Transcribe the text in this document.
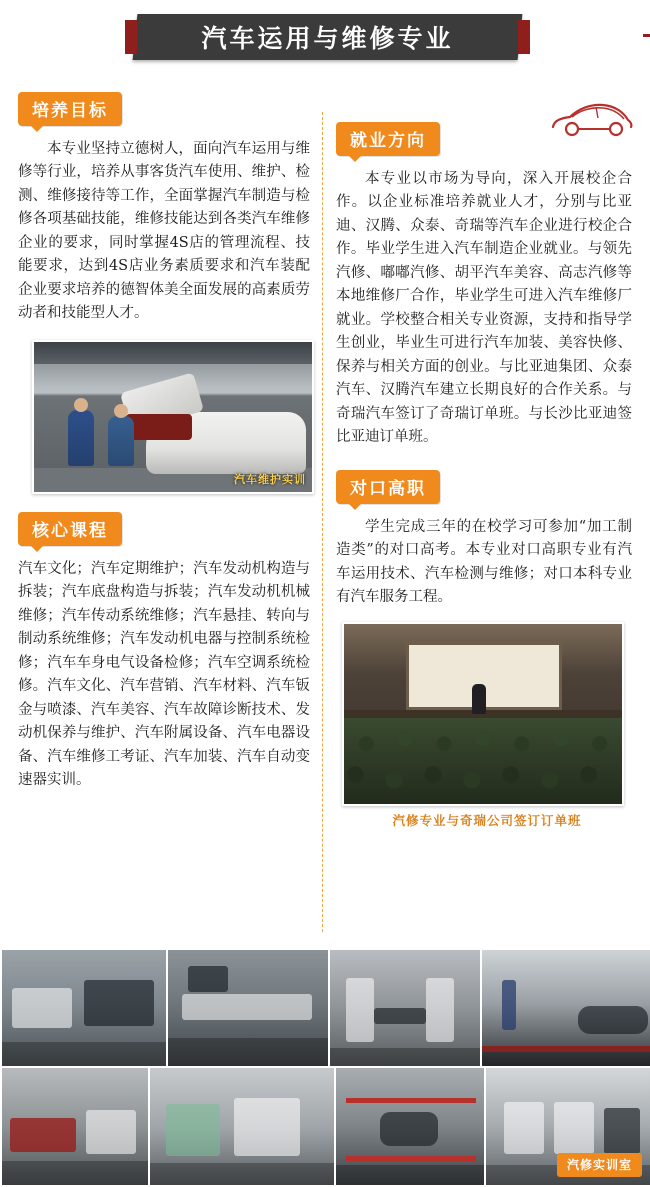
汽车运用与维修专业
培养目标

本专业坚持立德树人，面向汽车运用与维修等行业，培养从事客货汽车使用、维护、检测、维修接待等工作，全面掌握汽车制造与检修各项基础技能，维修技能达到各类汽车维修企业的要求，同时掌握4S店的管理流程、技能要求，达到4S店业务素质要求和汽车装配企业要求培养的德智体美全面发展的高素质劳动者和技能型人才。

汽车维护实训
核心课程

汽车文化；汽车定期维护；汽车发动机构造与拆装；汽车底盘构造与拆装；汽车发动机机械维修；汽车传动系统维修；汽车悬挂、转向与制动系统维修；汽车发动机电器与控制系统检修；汽车车身电气设备检修；汽车空调系统检修。汽车文化、汽车营销、汽车材料、汽车钣金与喷漆、汽车美容、汽车故障诊断技术、发动机保养与维护、汽车附属设备、汽车电器设备、汽车维修工考证、汽车加装、汽车自动变速器实训。

就业方向

本专业以市场为导向，深入开展校企合作。以企业标准培养就业人才，分别与比亚迪、汉腾、众泰、奇瑞等汽车企业进行校企合作。毕业学生进入汽车制造企业就业。与领先汽修、嘟嘟汽修、胡平汽车美容、高志汽修等本地维修厂合作，毕业学生可进入汽车维修厂就业。学校整合相关专业资源，支持和指导学生创业，毕业生可进行汽车加装、美容快修、保养与相关方面的创业。与比亚迪集团、众泰汽车、汉腾汽车建立长期良好的合作关系。与奇瑞汽车签订了奇瑞订单班。与长沙比亚迪签比亚迪订单班。

对口高职

学生完成三年的在校学习可参加“加工制造类”的对口高考。本专业对口高职专业有汽车运用技术、汽车检测与维修；对口本科专业有汽车服务工程。

汽修专业与奇瑞公司签订订单班
汽修实训室
